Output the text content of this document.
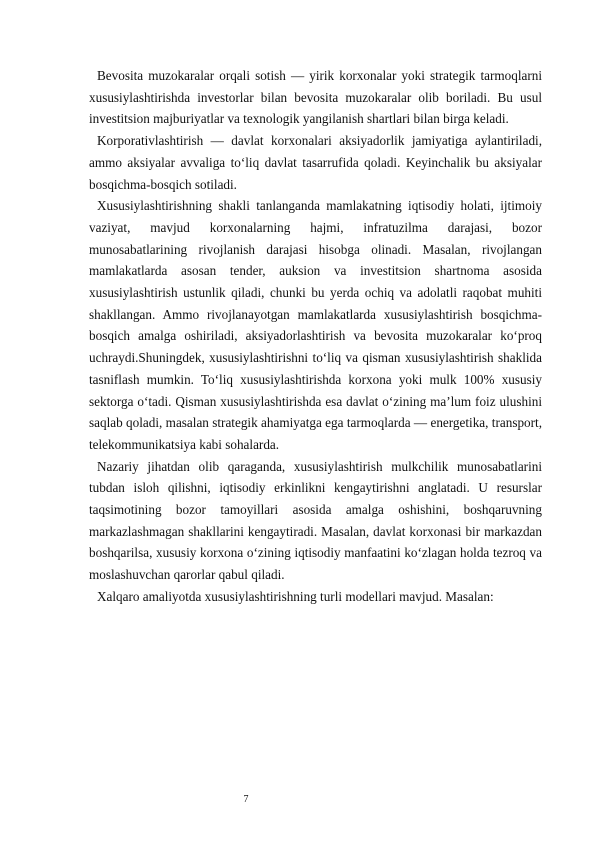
Bevosita muzokaralar orqali sotish — yirik korxonalar yoki strategik tarmoqlarni xususiylashtirishda investorlar bilan bevosita muzokaralar olib boriladi. Bu usul investitsion majburiyatlar va texnologik yangilanish shartlari bilan birga keladi.

Korporativlashtirish — davlat korxonalari aksiyadorlik jamiyatiga aylantiriladi, ammo aksiyalar avvaliga to‘liq davlat tasarrufida qoladi. Keyinchalik bu aksiyalar bosqichma-bosqich sotiladi.

Xususiylashtirishning shakli tanlanganda mamlakatning iqtisodiy holati, ijtimoiy vaziyat, mavjud korxonalarning hajmi, infratuzilma darajasi, bozor munosabatlarining rivojlanish darajasi hisobga olinadi. Masalan, rivojlangan mamlakatlarda asosan tender, auksion va investitsion shartnoma asosida xususiylashtirish ustunlik qiladi, chunki bu yerda ochiq va adolatli raqobat muhiti shakllangan. Ammo rivojlanayotgan mamlakatlarda xususiylashtirish bosqichma-bosqich amalga oshiriladi, aksiyadorlashtirish va bevosita muzokaralar ko‘proq uchraydi.Shuningdek, xususiylashtirishni to‘liq va qisman xususiylashtirish shaklida tasniflash mumkin. To‘liq xususiylashtirishda korxona yoki mulk 100% xususiy sektorga o‘tadi. Qisman xususiylashtirishda esa davlat o‘zining ma’lum foiz ulushini saqlab qoladi, masalan strategik ahamiyatga ega tarmoqlarda — energetika, transport, telekommunikatsiya kabi sohalarda.

Nazariy jihatdan olib qaraganda, xususiylashtirish mulkchilik munosabatlarini tubdan isloh qilishni, iqtisodiy erkinlikni kengaytirishni anglatadi. U resurslar taqsimotining bozor tamoyillari asosida amalga oshishini, boshqaruvning markazlashmagan shakllarini kengaytiradi. Masalan, davlat korxonasi bir markazdan boshqarilsa, xususiy korxona o‘zining iqtisodiy manfaatini ko‘zlagan holda tezroq va moslashuvchan qarorlar qabul qiladi.

Xalqaro amaliyotda xususiylashtirishning turli modellari mavjud. Masalan:

7
